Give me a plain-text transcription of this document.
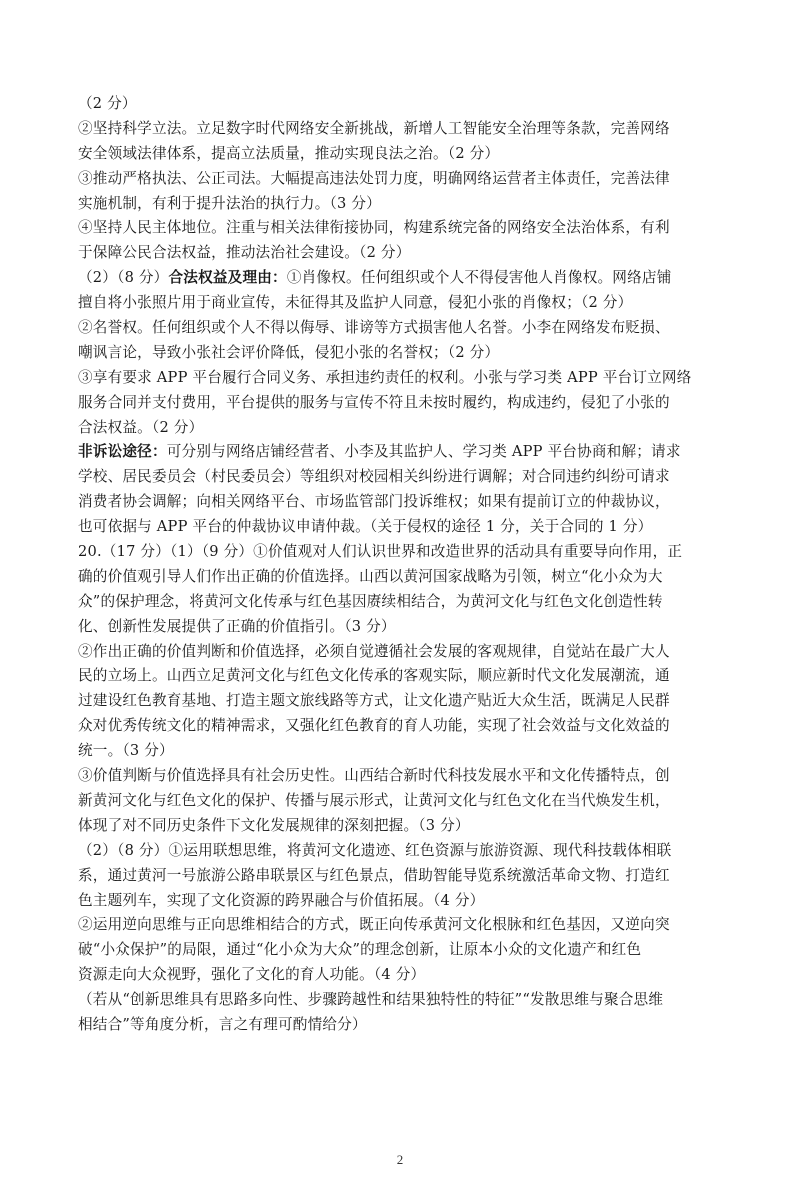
（2 分）
②坚持科学立法。立足数字时代网络安全新挑战，新增人工智能安全治理等条款，完善网络
安全领域法律体系，提高立法质量，推动实现良法之治。（2 分）
③推动严格执法、公正司法。大幅提高违法处罚力度，明确网络运营者主体责任，完善法律
实施机制，有利于提升法治的执行力。（3 分）
④坚持人民主体地位。注重与相关法律衔接协同，构建系统完备的网络安全法治体系，有利
于保障公民合法权益，推动法治社会建设。（2 分）
（2）（8 分）合法权益及理由：①肖像权。任何组织或个人不得侵害他人肖像权。网络店铺
擅自将小张照片用于商业宣传，未征得其及监护人同意，侵犯小张的肖像权；（2 分）
②名誉权。任何组织或个人不得以侮辱、诽谤等方式损害他人名誉。小李在网络发布贬损、
嘲讽言论，导致小张社会评价降低，侵犯小张的名誉权；（2 分）
③享有要求 APP 平台履行合同义务、承担违约责任的权利。小张与学习类 APP 平台订立网络
服务合同并支付费用，平台提供的服务与宣传不符且未按时履约，构成违约，侵犯了小张的
合法权益。（2 分）
非诉讼途径：可分别与网络店铺经营者、小李及其监护人、学习类 APP 平台协商和解；请求
学校、居民委员会（村民委员会）等组织对校园相关纠纷进行调解；对合同违约纠纷可请求
消费者协会调解；向相关网络平台、市场监管部门投诉维权；如果有提前订立的仲裁协议，
也可依据与 APP 平台的仲裁协议申请仲裁。（关于侵权的途径 1 分，关于合同的 1 分）
20.（17 分）（1）（9 分）①价值观对人们认识世界和改造世界的活动具有重要导向作用，正
确的价值观引导人们作出正确的价值选择。山西以黄河国家战略为引领，树立“化小众为大
众”的保护理念，将黄河文化传承与红色基因赓续相结合，为黄河文化与红色文化创造性转
化、创新性发展提供了正确的价值指引。（3 分）
②作出正确的价值判断和价值选择，必须自觉遵循社会发展的客观规律，自觉站在最广大人
民的立场上。山西立足黄河文化与红色文化传承的客观实际，顺应新时代文化发展潮流，通
过建设红色教育基地、打造主题文旅线路等方式，让文化遗产贴近大众生活，既满足人民群
众对优秀传统文化的精神需求，又强化红色教育的育人功能，实现了社会效益与文化效益的
统一。（3 分）
③价值判断与价值选择具有社会历史性。山西结合新时代科技发展水平和文化传播特点，创
新黄河文化与红色文化的保护、传播与展示形式，让黄河文化与红色文化在当代焕发生机，
体现了对不同历史条件下文化发展规律的深刻把握。（3 分）
（2）（8 分）①运用联想思维，将黄河文化遗迹、红色资源与旅游资源、现代科技载体相联
系，通过黄河一号旅游公路串联景区与红色景点，借助智能导览系统激活革命文物、打造红
色主题列车，实现了文化资源的跨界融合与价值拓展。（4 分）
②运用逆向思维与正向思维相结合的方式，既正向传承黄河文化根脉和红色基因，又逆向突
破“小众保护”的局限，通过“化小众为大众”的理念创新，让原本小众的文化遗产和红色
资源走向大众视野，强化了文化的育人功能。（4 分）
（若从“创新思维具有思路多向性、步骤跨越性和结果独特性的特征”“发散思维与聚合思维
相结合”等角度分析，言之有理可酌情给分）
2
